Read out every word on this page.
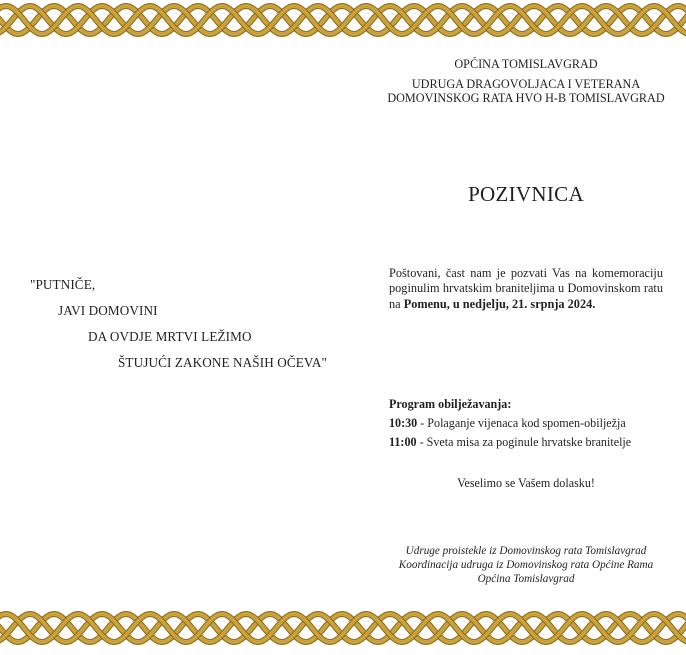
"PUTNIČE,
JAVI DOMOVINI
DA OVDJE MRTVI LEŽIMO
ŠTUJUĆI ZAKONE NAŠIH OČEVA"
OPĆINA TOMISLAVGRAD
UDRUGA DRAGOVOLJACA I VETERANA
DOMOVINSKOG RATA HVO H-B TOMISLAVGRAD
POZIVNICA
Poštovani, čast nam je pozvati Vas na komemoraciju poginulim hrvatskim braniteljima u Domovinskom ratu na Pomenu, u nedjelju, 21. srpnja 2024.
Program obilježavanja:
10:30 - Polaganje vijenaca kod spomen-obilježja
11:00 - Sveta misa za poginule hrvatske branitelje
Veselimo se Vašem dolasku!
Udruge proistekle iz Domovinskog rata Tomislavgrad
Koordinacija udruga iz Domovinskog rata Općine Rama
Općina Tomislavgrad
